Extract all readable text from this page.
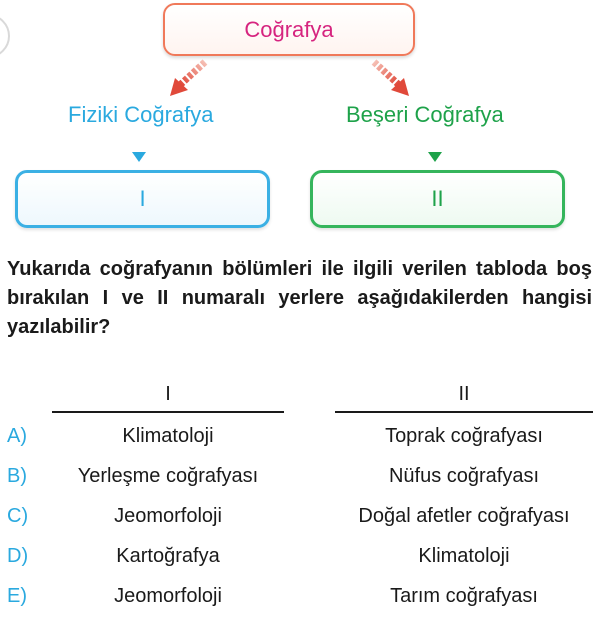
Coğrafya
Fiziki Coğrafya	Beşeri Coğrafya
I	II
Yukarıda coğrafyanın bölümleri ile ilgili verilen tabloda boş bırakılan I ve II numaralı yerlere aşağıdakilerden hangisi yazılabilir?
I	II
A)	Klimatoloji	Toprak coğrafyası
B)	Yerleşme coğrafyası	Nüfus coğrafyası
C)	Jeomorfoloji	Doğal afetler coğrafyası
D)	Kartoğrafya	Klimatoloji
E)	Jeomorfoloji	Tarım coğrafyası
